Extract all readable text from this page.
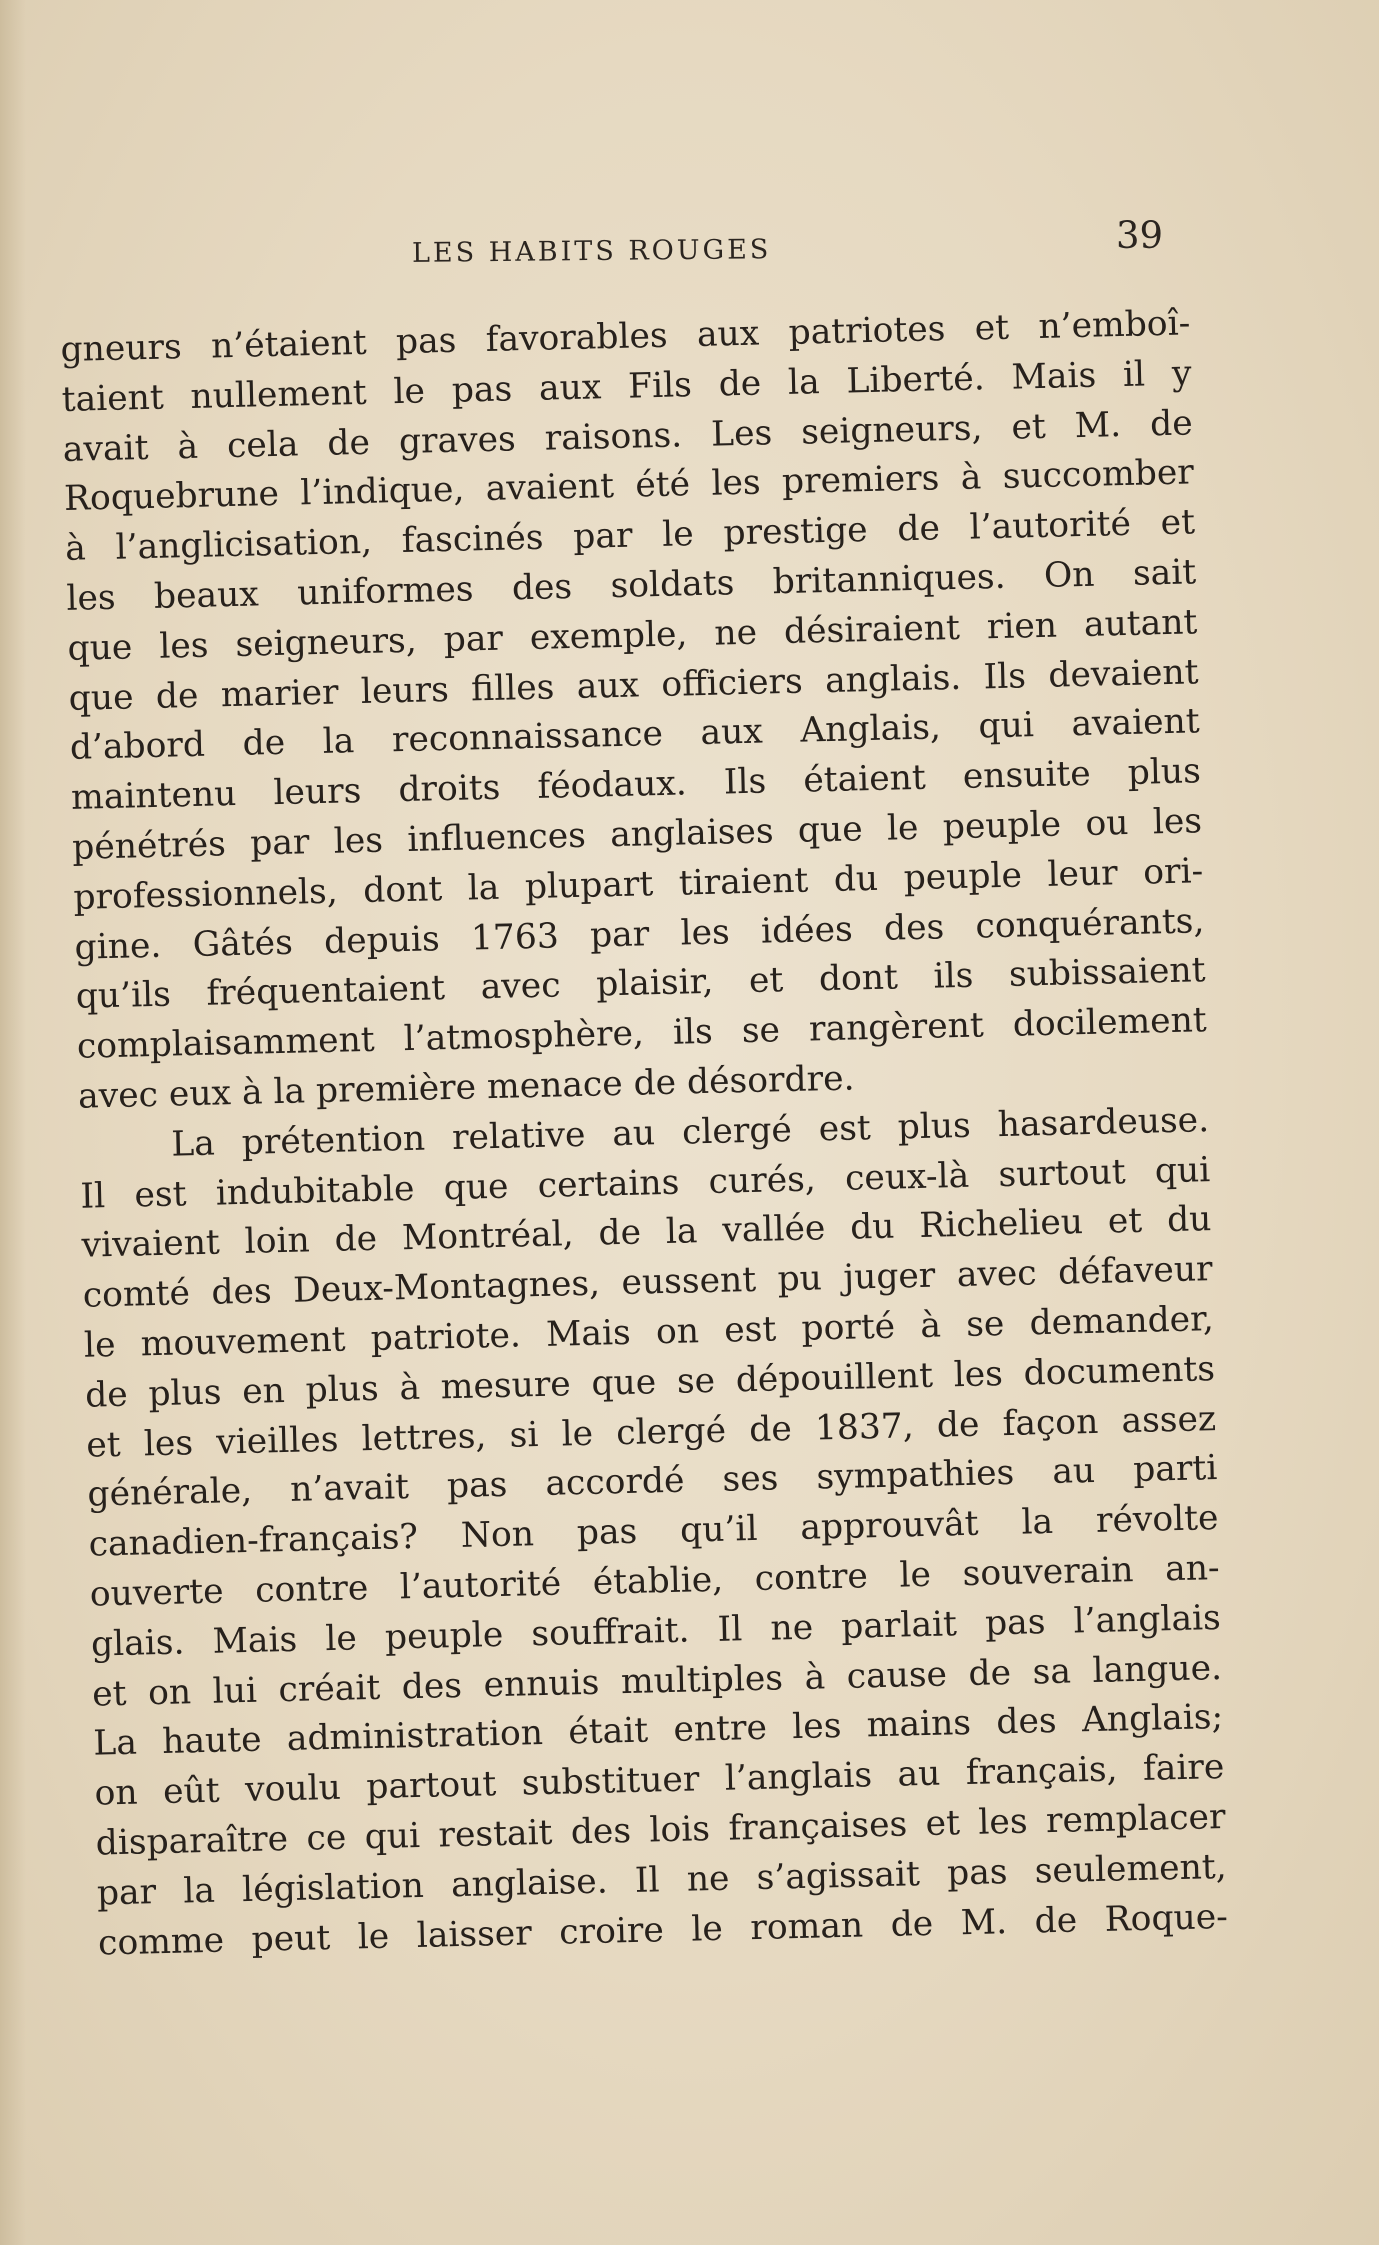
LES HABITS ROUGES	39
gneurs n’étaient pas favorables aux patriotes et n’emboî-
taient nullement le pas aux Fils de la Liberté. Mais il y
avait à cela de graves raisons. Les seigneurs, et M. de
Roquebrune l’indique, avaient été les premiers à succomber
à l’anglicisation, fascinés par le prestige de l’autorité et
les beaux uniformes des soldats britanniques. On sait
que les seigneurs, par exemple, ne désiraient rien autant
que de marier leurs filles aux officiers anglais. Ils devaient
d’abord de la reconnaissance aux Anglais, qui avaient
maintenu leurs droits féodaux. Ils étaient ensuite plus
pénétrés par les influences anglaises que le peuple ou les
professionnels, dont la plupart tiraient du peuple leur ori-
gine. Gâtés depuis 1763 par les idées des conquérants,
qu’ils fréquentaient avec plaisir, et dont ils subissaient
complaisamment l’atmosphère, ils se rangèrent docilement
avec eux à la première menace de désordre.
La prétention relative au clergé est plus hasardeuse.
Il est indubitable que certains curés, ceux-là surtout qui
vivaient loin de Montréal, de la vallée du Richelieu et du
comté des Deux-Montagnes, eussent pu juger avec défaveur
le mouvement patriote. Mais on est porté à se demander,
de plus en plus à mesure que se dépouillent les documents
et les vieilles lettres, si le clergé de 1837, de façon assez
générale, n’avait pas accordé ses sympathies au parti
canadien-français? Non pas qu’il approuvât la révolte
ouverte contre l’autorité établie, contre le souverain an-
glais. Mais le peuple souffrait. Il ne parlait pas l’anglais
et on lui créait des ennuis multiples à cause de sa langue.
La haute administration était entre les mains des Anglais;
on eût voulu partout substituer l’anglais au français, faire
disparaître ce qui restait des lois françaises et les remplacer
par la législation anglaise. Il ne s’agissait pas seulement,
comme peut le laisser croire le roman de M. de Roque-
